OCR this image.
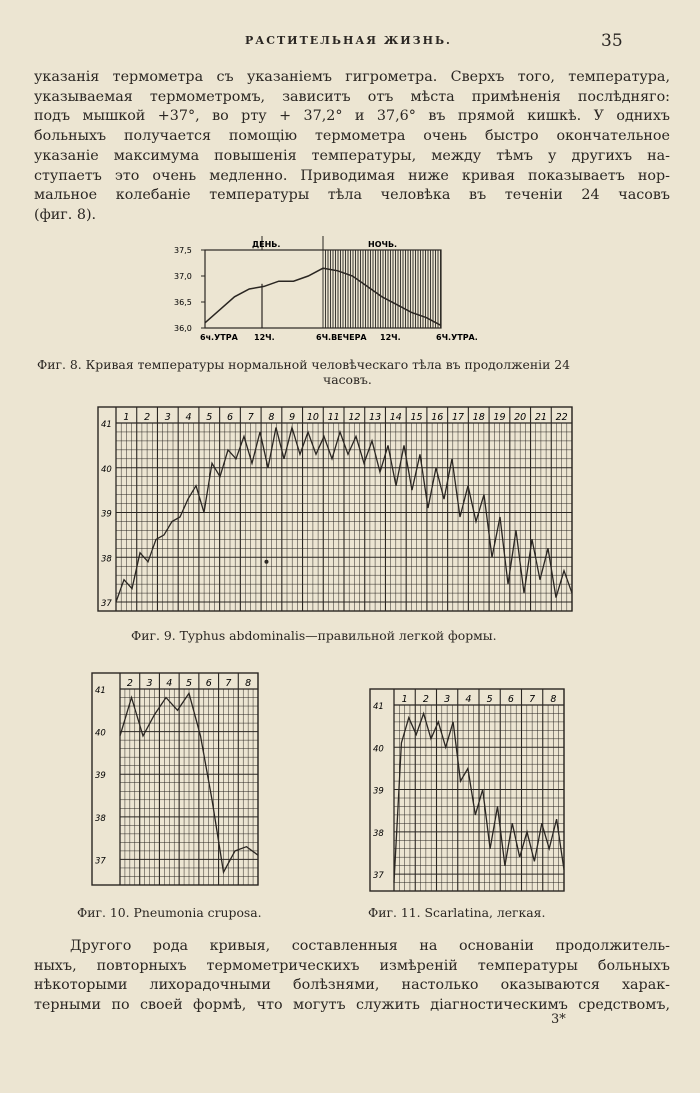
РАСТИТЕЛЬНАЯ ЖИЗНЬ.	35
указанія термометра съ указаніемъ гигрометра. Сверхъ того, температура,
указываемая термометромъ, зависитъ отъ мѣста примѣненія послѣдняго:
подъ мышкой +37°, во рту + 37,2° и 37,6° въ прямой кишкѣ. У однихъ
больныхъ получается помощію термометра очень быстро окончательное
указаніе максимума повышенія температуры, между тѣмъ у другихъ на-
ступаетъ это очень медленно. Приводимая ниже кривая показываетъ нор-
мальное колебаніе температуры тѣла человѣка въ теченіи 24 часовъ
(фиг. 8).
37,5
37,0
36,5
36,0
ДЕНЬ.	НОЧЬ.
6ч.УТРА 12Ч.	6Ч.ВЕЧЕРА 12Ч.	6Ч.УТРА.
Фиг. 8. Кривая температуры нормальной человѣческаго тѣла въ продолженіи 24
часовъ.
1 2 3 4 5 6 7 8 9 10 11 12 13 14 15 16 17 18 19 20 21 22
41
40
39
38
37
Фиг. 9. Typhus abdominalis—правильной легкой формы.
2 3 4 5 6 7 8
41
40
39
38
37
Фиг. 10. Pneumonia crupοsa.
1 2 3 4 5 6 7 8
41
40
39
38
37
Фиг. 11. Scarlatina, легкая.
Другого рода кривыя, составленныя на основаніи продолжитель-
ныхъ, повторныхъ термометрическихъ измѣреній температуры больныхъ
нѣкоторыми лихорадочными болѣзнями, настолько оказываются харак-
терными по своей формѣ, что могутъ служить діагностическимъ средствомъ,
3*
